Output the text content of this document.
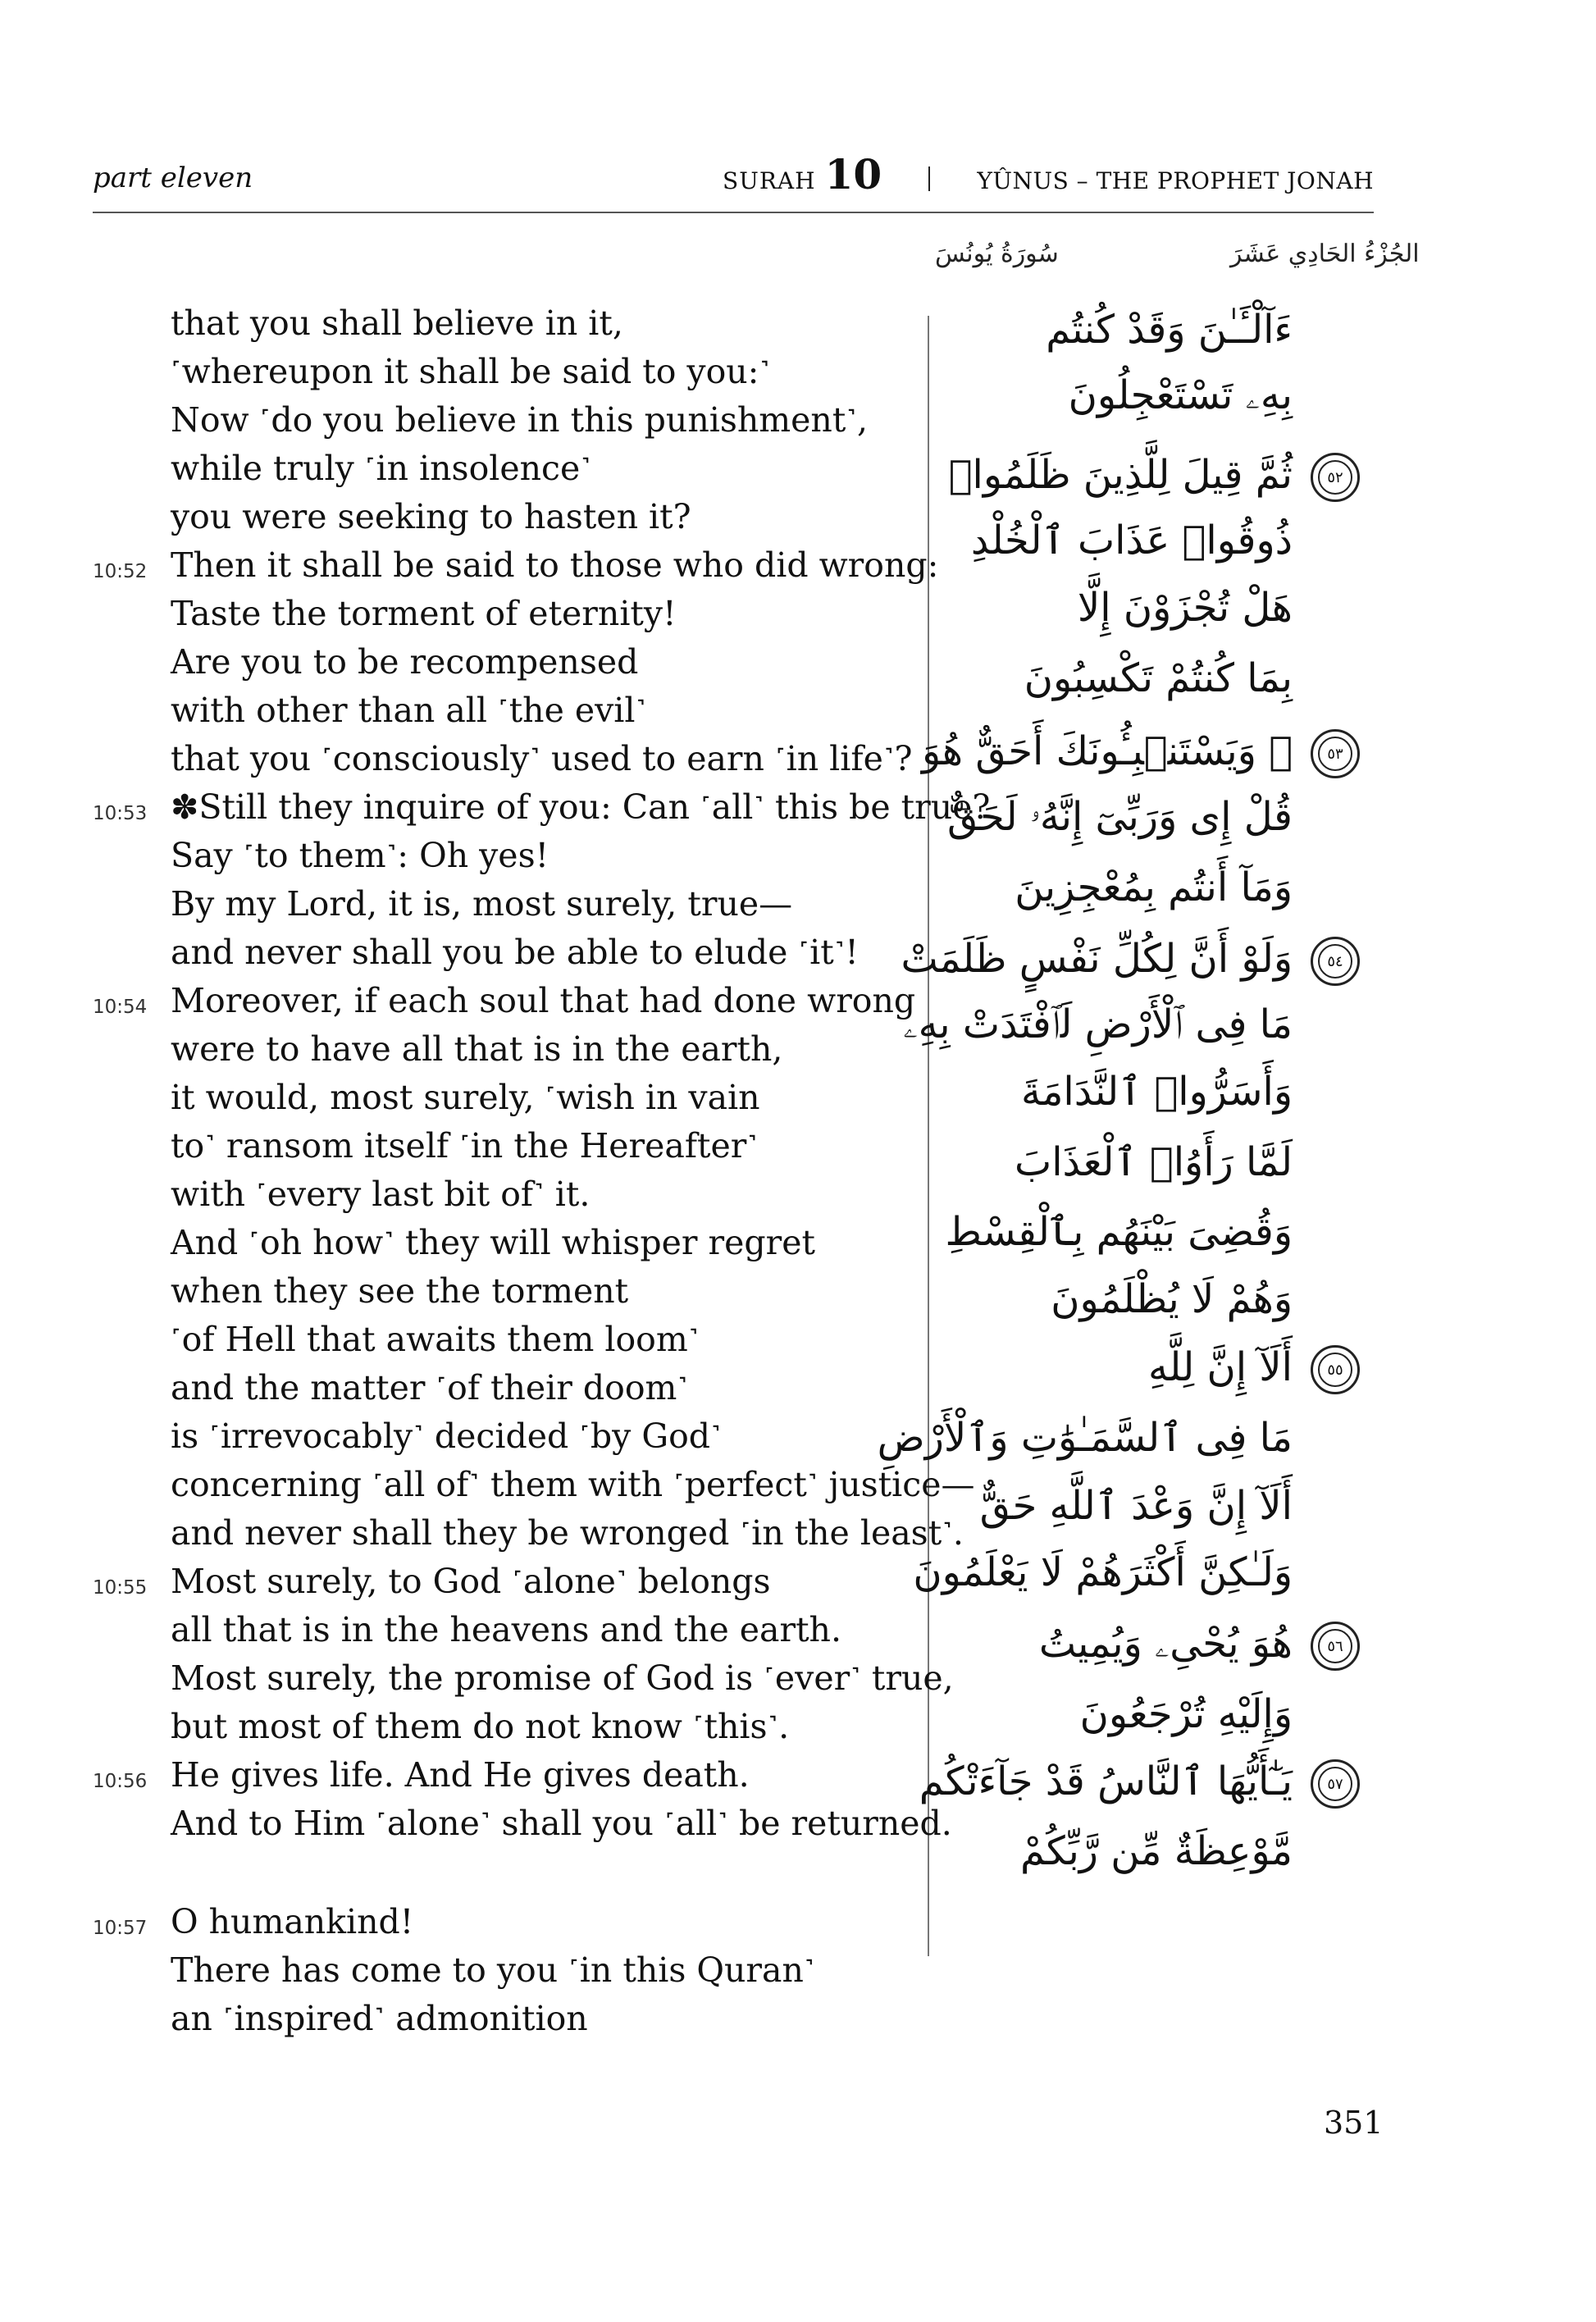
part eleven	SURAH 10	YÛNUS – THE PROPHET JONAH
سُورَةُ يُونُسَ	الجُزْءُ الحَادِي عَشَرَ
that you shall believe in it,
˹whereupon it shall be said to you:˺
Now ˹do you believe in this punishment˺,
while truly ˹in insolence˺
you were seeking to hasten it?
10:52 Then it shall be said to those who did wrong:
Taste the torment of eternity!
Are you to be recompensed
with other than all ˹the evil˺
that you ˹consciously˺ used to earn ˹in life˺?
10:53 ✽Still they inquire of you: Can ˹all˺ this be true?
Say ˹to them˺: Oh yes!
By my Lord, it is, most surely, true—
and never shall you be able to elude ˹it˺!
10:54 Moreover, if each soul that had done wrong
were to have all that is in the earth,
it would, most surely, ˹wish in vain
to˺ ransom itself ˹in the Hereafter˺
with ˹every last bit of˺ it.
And ˹oh how˺ they will whisper regret
when they see the torment
˹of Hell that awaits them loom˺
and the matter ˹of their doom˺
is ˹irrevocably˺ decided ˹by God˺
concerning ˹all of˺ them with ˹perfect˺ justice—
and never shall they be wronged ˹in the least˺.
10:55 Most surely, to God ˹alone˺ belongs
all that is in the heavens and the earth.
Most surely, the promise of God is ˹ever˺ true,
but most of them do not know ˹this˺.
10:56 He gives life. And He gives death.
And to Him ˹alone˺ shall you ˹all˺ be returned.
10:57 O humankind!
There has come to you ˹in this Quran˺
an ˹inspired˺ admonition
ءَآلْـَٔـٰنَ وَقَدْ كُنتُم
بِهِۦ تَسْتَعْجِلُونَ
ثُمَّ قِيلَ لِلَّذِينَ ظَلَمُوا۟
ذُوقُوا۟ عَذَابَ ٱلْخُلْدِ
هَلْ تُجْزَوْنَ إِلَّا
بِمَا كُنتُمْ تَكْسِبُونَ
۞ وَيَسْتَنۢبِـُٔونَكَ أَحَقٌّ هُوَ
قُلْ إِى وَرَبِّىٓ إِنَّهُۥ لَحَقٌّ
وَمَآ أَنتُم بِمُعْجِزِينَ
وَلَوْ أَنَّ لِكُلِّ نَفْسٍ ظَلَمَتْ
مَا فِى ٱلْأَرْضِ لَٱفْتَدَتْ بِهِۦ
وَأَسَرُّوا۟ ٱلنَّدَامَةَ
لَمَّا رَأَوُا۟ ٱلْعَذَابَ
وَقُضِىَ بَيْنَهُم بِٱلْقِسْطِ
وَهُمْ لَا يُظْلَمُونَ
أَلَآ إِنَّ لِلَّهِ
مَا فِى ٱلسَّمَـٰوَٰتِ وَٱلْأَرْضِ
أَلَآ إِنَّ وَعْدَ ٱللَّهِ حَقٌّ
وَلَـٰكِنَّ أَكْثَرَهُمْ لَا يَعْلَمُونَ
هُوَ يُحْىِۦ وَيُمِيتُ
وَإِلَيْهِ تُرْجَعُونَ
يَـٰٓأَيُّهَا ٱلنَّاسُ قَدْ جَآءَتْكُم
مَّوْعِظَةٌ مِّن رَّبِّكُمْ
٥٢
٥٣
٥٤
٥٥
٥٦
٥٧
351
